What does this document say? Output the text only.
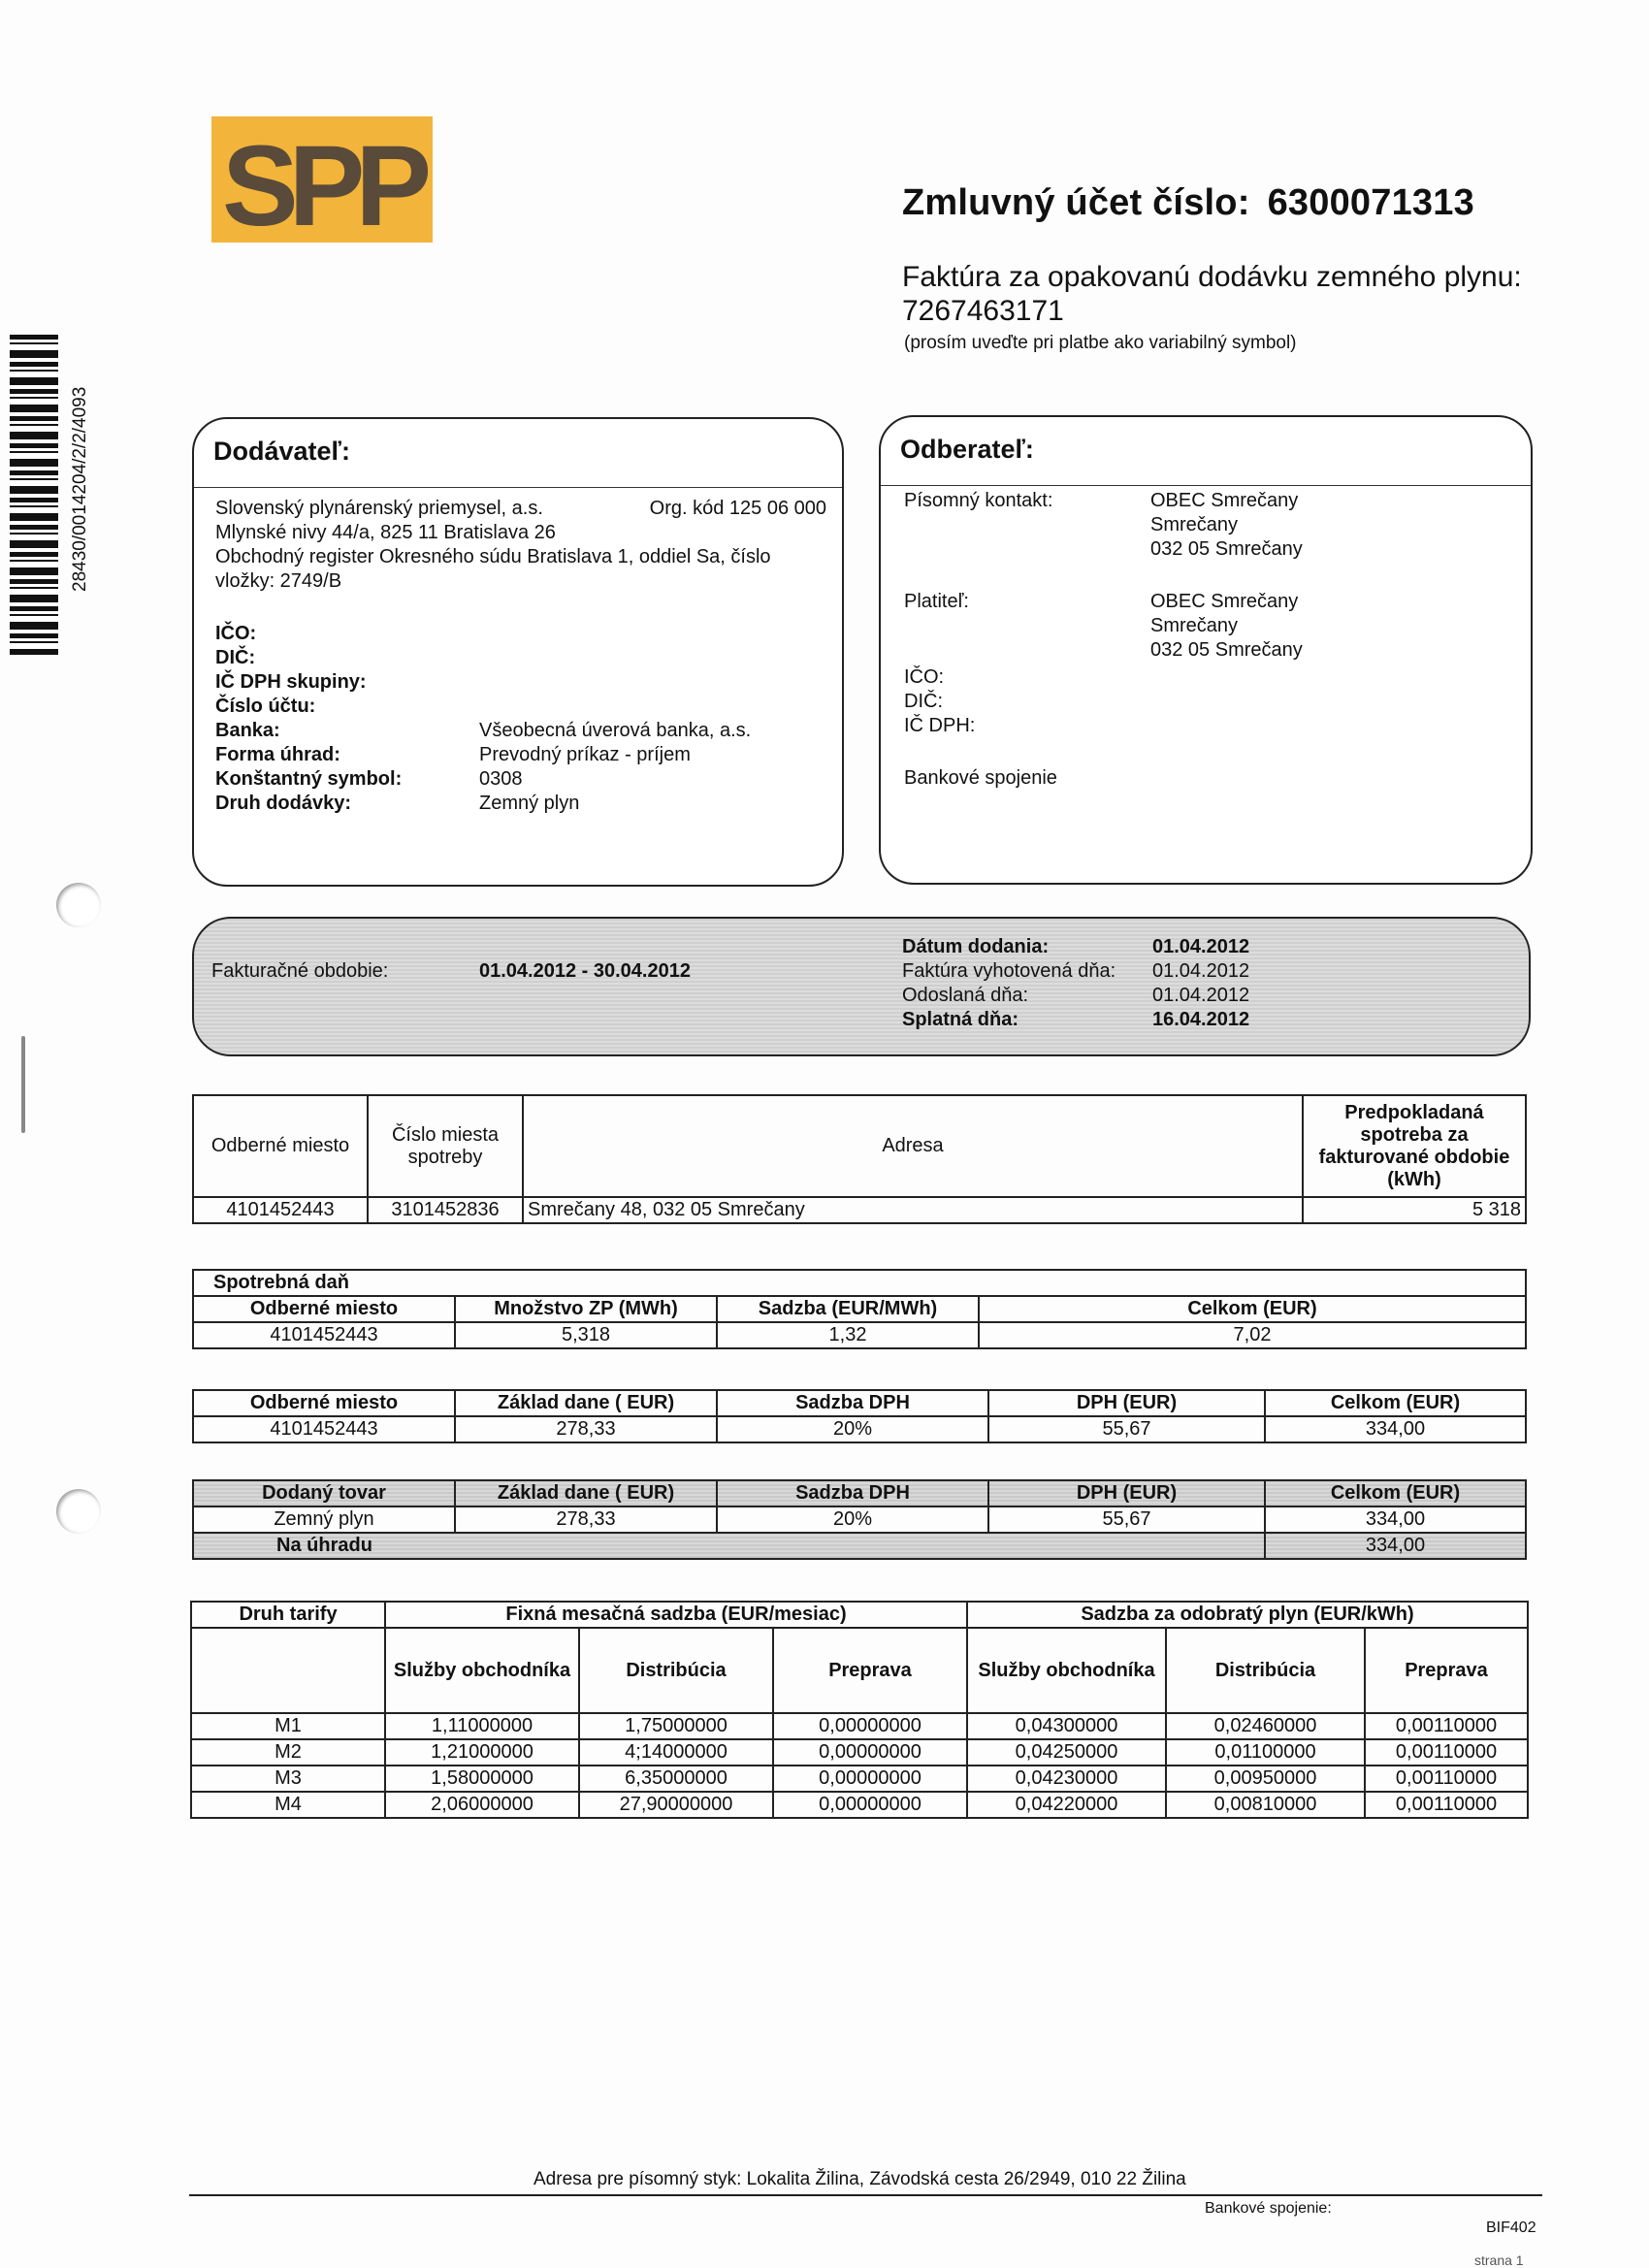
SPP
28430/0014204/2/2/4093
Zmluvný účet číslo: 6300071313
Faktúra za opakovanú dodávku zemného plynu:
7267463171
(prosím uveďte pri platbe ako variabilný symbol)
Dodávateľ:
Slovenský plynárenský priemysel, a.s.	Org. kód 125 06 000
Mlynské nivy 44/a, 825 11 Bratislava 26
Obchodný register Okresného súdu Bratislava 1, oddiel Sa, číslo
vložky: 2749/B
IČO:
DIČ:
IČ DPH skupiny:
Číslo účtu:
Banka:	Všeobecná úverová banka, a.s.
Forma úhrad:	Prevodný príkaz - príjem
Konštantný symbol:	0308
Druh dodávky:	Zemný plyn
Odberateľ:
Písomný kontakt:	OBEC Smrečany
Smrečany
032 05 Smrečany
Platiteľ:	OBEC Smrečany
Smrečany
032 05 Smrečany
IČO:
DIČ:
IČ DPH:
Bankové spojenie
Fakturačné obdobie:	01.04.2012 - 30.04.2012
Dátum dodania:	01.04.2012
Faktúra vyhotovená dňa:	01.04.2012
Odoslaná dňa:	01.04.2012
Splatná dňa:	16.04.2012
Odberné miesto	Číslo miesta spotreby	Adresa	Predpokladaná spotreba za fakturované obdobie (kWh)
4101452443	3101452836	Smrečany 48, 032 05 Smrečany	5 318
Spotrebná daň			
Odberné miesto	Množstvo ZP (MWh)	Sadzba (EUR/MWh)	Celkom (EUR)
4101452443	5,318	1,32	7,02
Odberné miesto	Základ dane ( EUR)	Sadzba DPH	DPH (EUR)	Celkom (EUR)
4101452443	278,33	20%	55,67	334,00
Dodaný tovar	Základ dane ( EUR)	Sadzba DPH	DPH (EUR)	Celkom (EUR)
Zemný plyn	278,33	20%	55,67	334,00
Na úhradu				334,00
Druh tarify	Fixná mesačná sadzba (EUR/mesiac)			Sadzba za odobratý plyn (EUR/kWh)		
	Služby obchodníka	Distribúcia	Preprava	Služby obchodníka	Distribúcia	Preprava
M1	1,11000000	1,75000000	0,00000000	0,04300000	0,02460000	0,00110000
M2	1,21000000	4;14000000	0,00000000	0,04250000	0,01100000	0,00110000
M3	1,58000000	6,35000000	0,00000000	0,04230000	0,00950000	0,00110000
M4	2,06000000	27,90000000	0,00000000	0,04220000	0,00810000	0,00110000
Adresa pre písomný styk: Lokalita Žilina, Závodská cesta 26/2949, 010 22 Žilina
Bankové spojenie:
BIF402
strana 1
